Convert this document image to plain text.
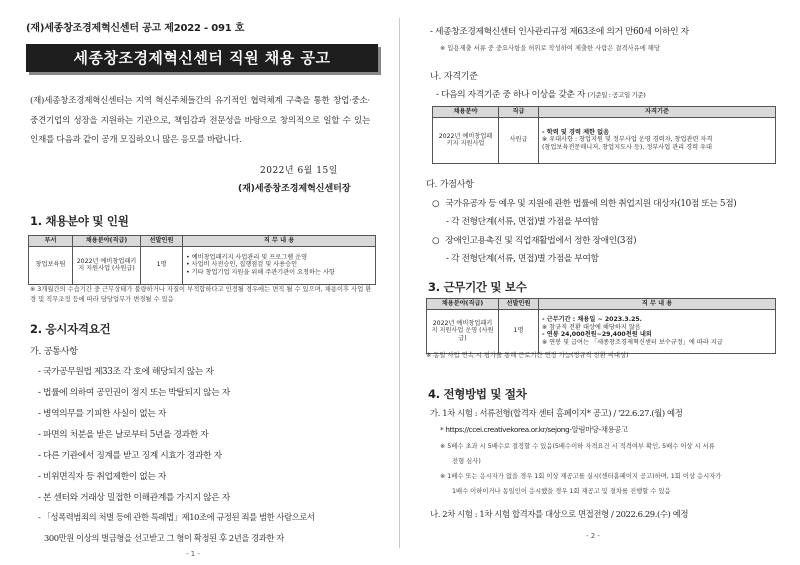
(재)세종창조경제혁신센터 공고 제2022 - 091 호
세종창조경제혁신센터 직원 채용 공고
(재)세종창조경제혁신센터는 지역 혁신주체들간의 유기적인 협력체계 구축을 통한 창업·중소·중견기업의 성장을 지원하는 기관으로, 책임감과 전문성을 바탕으로 창의적으로 일할 수 있는 인재를 다음과 같이 공개 모집하오니 많은 응모를 바랍니다.
2022년 6월 15일
(재)세종창조경제혁신센터장
1. 채용분야 및 인원
부서	채용분야(직급)	선발인원	직 무 내 용
창업보육팀	2022년 예비창업패키지 지원사업 (사원급)	1명	• 예비창업패키지 사업관리 및 프로그램 운영
• 사업비 사전승인, 집행점검 및 사용승인
• 기타 창업기업 지원을 위해 주관기관이 요청하는 사항
※ 3개월간의 수습기간 중 근무상태가 불량하거나 자질이 부적합하다고 인정될 경우에는 면직 될 수 있으며, 채용이후 사업 환경 및 직무조정 등에 따라 담당업무가 변경될 수 있음
2. 응시자격요건
가. 공통사항
- 국가공무원법 제33조 각 호에 해당되지 않는 자
- 법률에 의하여 공민권이 정지 또는 박탈되지 않는 자
- 병역의무를 기피한 사실이 없는 자
- 파면의 처분을 받은 날로부터 5년을 경과한 자
- 다른 기관에서 징계를 받고 징계 시효가 경과한 자
- 비위면직자 등 취업제한이 없는 자
- 본 센터와 거래상 밀접한 이해관계를 가지지 않은 자
- 「성폭력범죄의 처벌 등에 관한 특례법」제10조에 규정된 죄를 범한 사람으로서
300만원 이상의 벌금형을 선고받고 그 형이 확정된 후 2년을 경과한 자
- 1 -
- 세종창조경제혁신센터 인사관리규정 제63조에 의거 만60세 이하인 자
※ 입용제출 서류 중 중요사항을 허위로 작성하여 제출한 사람은 결격사유에 해당
나. 자격기준
- 다음의 자격기준 중 하나 이상을 갖춘 자 (기준일 : 공고일 기준)
채용분야	직급	자격기준
2022년 예비창업패키지 지원사업	사원급	- 학력 및 경력 제한 없음
※ 우대사항 : 창업지원 및 정부사업 운영 경력자, 창업관련 자격
(창업보육전문매니저, 창업지도사 등), 정부사업 관리 경력 우대
다. 가점사항
○ 국가유공자 등 예우 및 지원에 관한 법률에 의한 취업지원 대상자(10점 또는 5점)
- 각 전형단계(서류, 면접)별 가점을 부여함
○ 장애인고용촉진 및 직업재활법에서 정한 장애인(3점)
- 각 전형단계(서류, 면접)별 가점을 부여함
3. 근무기간 및 보수
채용분야(직급)	선발인원	직 무 내 용
2022년 예비창업패키지 지원사업 운영 (사원급)	1명	- 근무기간 : 채용일 ~ 2023.3.25.
※ 참규직 전환 대상에 해당하지 않음
- 연봉 24,000천원~29,400천원 내외
※ 연봉 및 급여는 「세종창조경제혁신센터 보수규정」에 따라 지급
※ 동일 사업 연속 시 평가를 통해 근로기간 연장 가능(정규직 전환 비대상)
4. 전형방법 및 절차
가. 1차 시험 : 서류전형(합격자 센터 홈페이지* 공고) / '22.6.27.(월) 예정
* https://ccei.creativekorea.or.kr/sejong-알림마당-채용공고
※ 5배수 초과 시 5배수로 결정할 수 있음(5배수이하 자격요건 시 적격여부 확인, 5배수 이상 시 서류
전형 심사)
※ 1배수 또는 응시자가 없을 경우 1회 이상 재공고를 실시(센터홈페이지 공고)하며, 1회 이상 응시자가
1배수 이하이거나 동일인이 응시했을 경우 1회 재공고 및 절차를 진행할 수 있음
나. 2차 시험 : 1차 시험 합격자를 대상으로 면접전형 / 2022.6.29.(수) 예정
- 2 -
